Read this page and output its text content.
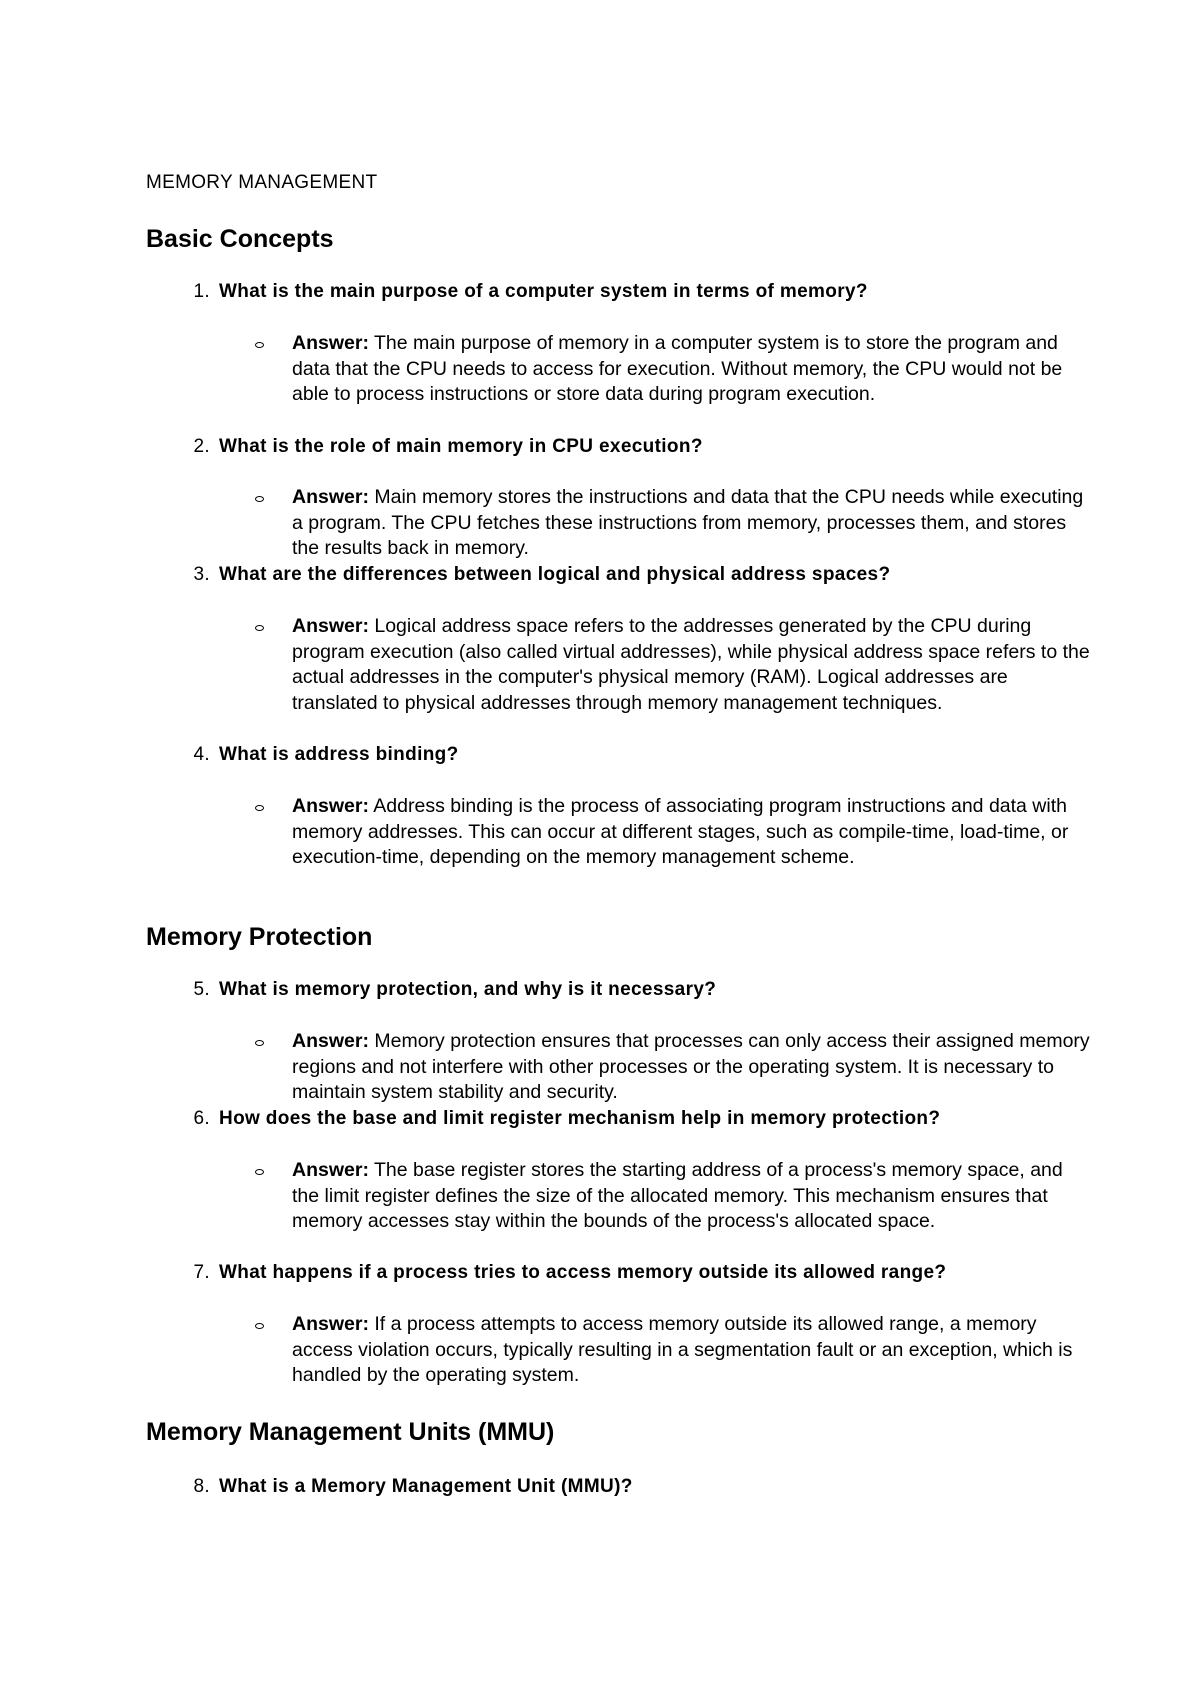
MEMORY MANAGEMENT
Basic Concepts
1. What is the main purpose of a computer system in terms of memory?
Answer: The main purpose of memory in a computer system is to store the program and data that the CPU needs to access for execution. Without memory, the CPU would not be able to process instructions or store data during program execution.
2. What is the role of main memory in CPU execution?
Answer: Main memory stores the instructions and data that the CPU needs while executing a program. The CPU fetches these instructions from memory, processes them, and stores the results back in memory.
3. What are the differences between logical and physical address spaces?
Answer: Logical address space refers to the addresses generated by the CPU during program execution (also called virtual addresses), while physical address space refers to the actual addresses in the computer's physical memory (RAM). Logical addresses are translated to physical addresses through memory management techniques.
4. What is address binding?
Answer: Address binding is the process of associating program instructions and data with memory addresses. This can occur at different stages, such as compile-time, load-time, or execution-time, depending on the memory management scheme.
Memory Protection
5. What is memory protection, and why is it necessary?
Answer: Memory protection ensures that processes can only access their assigned memory regions and not interfere with other processes or the operating system. It is necessary to maintain system stability and security.
6. How does the base and limit register mechanism help in memory protection?
Answer: The base register stores the starting address of a process's memory space, and the limit register defines the size of the allocated memory. This mechanism ensures that memory accesses stay within the bounds of the process's allocated space.
7. What happens if a process tries to access memory outside its allowed range?
Answer: If a process attempts to access memory outside its allowed range, a memory access violation occurs, typically resulting in a segmentation fault or an exception, which is handled by the operating system.
Memory Management Units (MMU)
8. What is a Memory Management Unit (MMU)?
